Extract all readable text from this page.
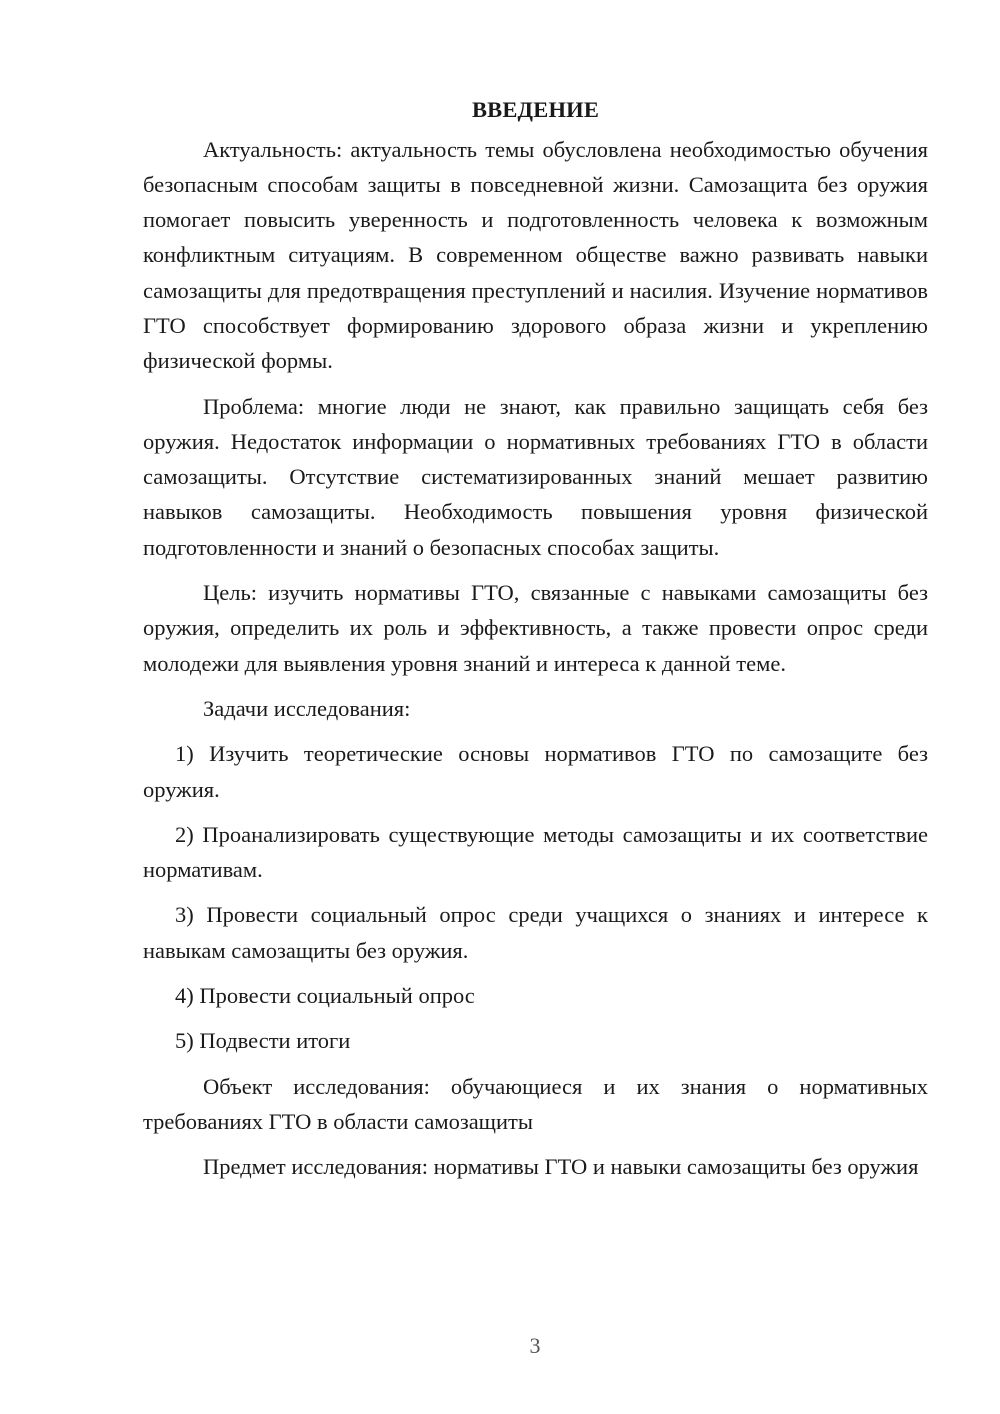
ВВЕДЕНИЕ

Актуальность: актуальность темы обусловлена необходимостью обучения безопасным способам защиты в повседневной жизни. Самозащита без оружия помогает повысить уверенность и подготовленность человека к возможным конфликтным ситуациям. В современном обществе важно развивать навыки самозащиты для предотвращения преступлений и насилия. Изучение нормативов ГТО способствует формированию здорового образа жизни и укреплению физической формы.

Проблема: многие люди не знают, как правильно защищать себя без оружия. Недостаток информации о нормативных требованиях ГТО в области самозащиты. Отсутствие систематизированных знаний мешает развитию навыков самозащиты. Необходимость повышения уровня физической подготовленности и знаний о безопасных способах защиты.

Цель: изучить нормативы ГТО, связанные с навыками самозащиты без оружия, определить их роль и эффективность, а также провести опрос среди молодежи для выявления уровня знаний и интереса к данной теме.

Задачи исследования:

1) Изучить теоретические основы нормативов ГТО по самозащите без оружия.

2) Проанализировать существующие методы самозащиты и их соответствие нормативам.

3) Провести социальный опрос среди учащихся о знаниях и интересе к навыкам самозащиты без оружия.

4) Провести социальный опрос

5) Подвести итоги

Объект исследования: обучающиеся и их знания о нормативных требованиях ГТО в области самозащиты

Предмет исследования: нормативы ГТО и навыки самозащиты без оружия

3
